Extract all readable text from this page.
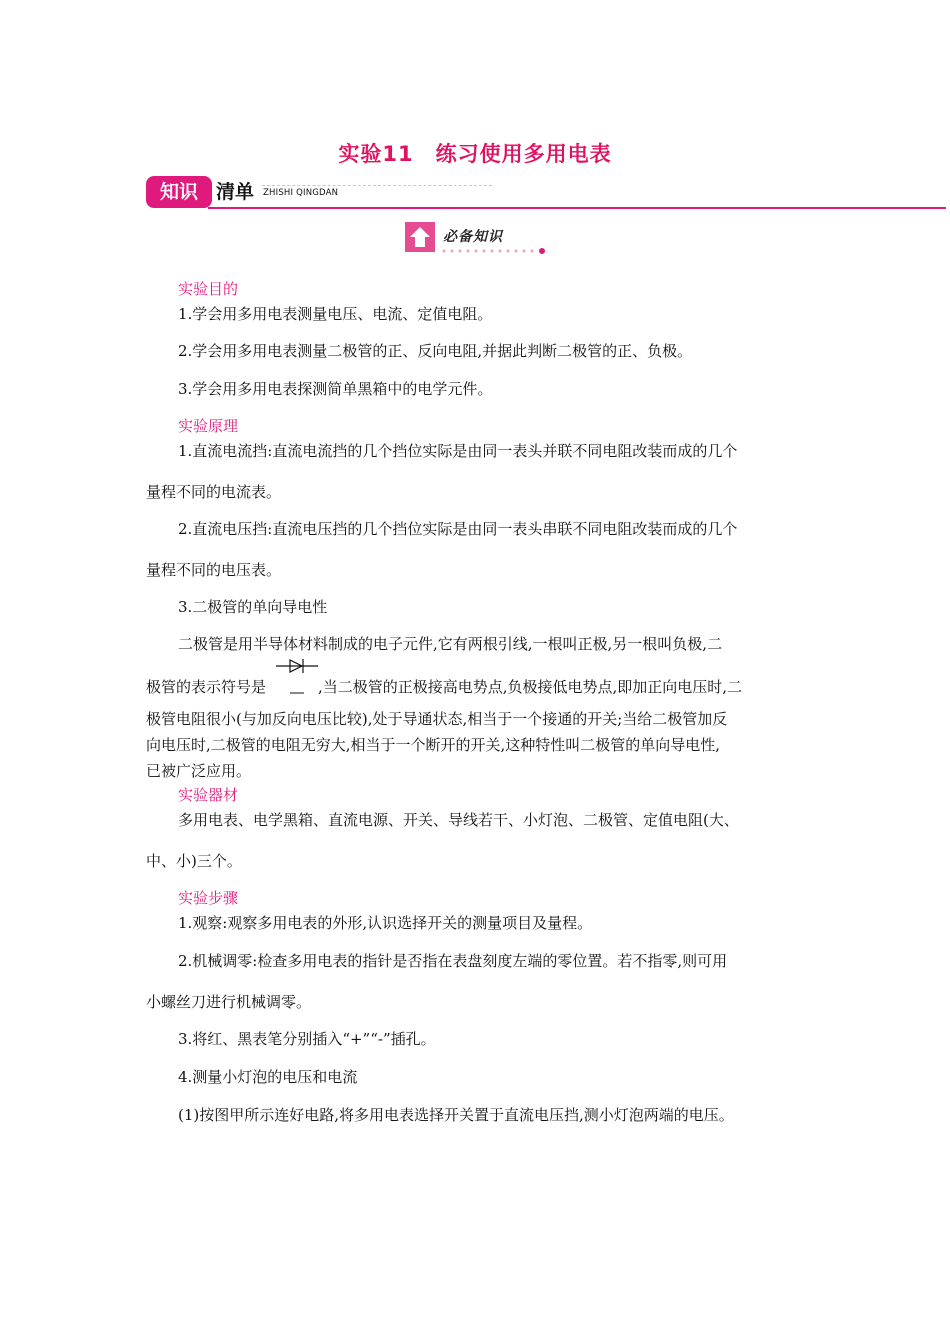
实验11　练习使用多用电表
知识 清单 ZHISHI QINGDAN
必备知识
实验目的
1.学会用多用电表测量电压、电流、定值电阻。
2.学会用多用电表测量二极管的正、反向电阻,并据此判断二极管的正、负极。
3.学会用多用电表探测简单黑箱中的电学元件。
实验原理
1.直流电流挡:直流电流挡的几个挡位实际是由同一表头并联不同电阻改装而成的几个
量程不同的电流表。
2.直流电压挡:直流电压挡的几个挡位实际是由同一表头串联不同电阻改装而成的几个
量程不同的电压表。
3.二极管的单向导电性
二极管是用半导体材料制成的电子元件,它有两根引线,一根叫正极,另一根叫负极,二
极管的表示符号是	,当二极管的正极接高电势点,负极接低电势点,即加正向电压时,二
极管电阻很小(与加反向电压比较),处于导通状态,相当于一个接通的开关;当给二极管加反
向电压时,二极管的电阻无穷大,相当于一个断开的开关,这种特性叫二极管的单向导电性,
已被广泛应用。
实验器材
多用电表、电学黑箱、直流电源、开关、导线若干、小灯泡、二极管、定值电阻(大、
中、小)三个。
实验步骤
1.观察:观察多用电表的外形,认识选择开关的测量项目及量程。
2.机械调零:检查多用电表的指针是否指在表盘刻度左端的零位置。若不指零,则可用
小螺丝刀进行机械调零。
3.将红、黑表笔分别插入“+”“-”插孔。
4.测量小灯泡的电压和电流
(1)按图甲所示连好电路,将多用电表选择开关置于直流电压挡,测小灯泡两端的电压。
